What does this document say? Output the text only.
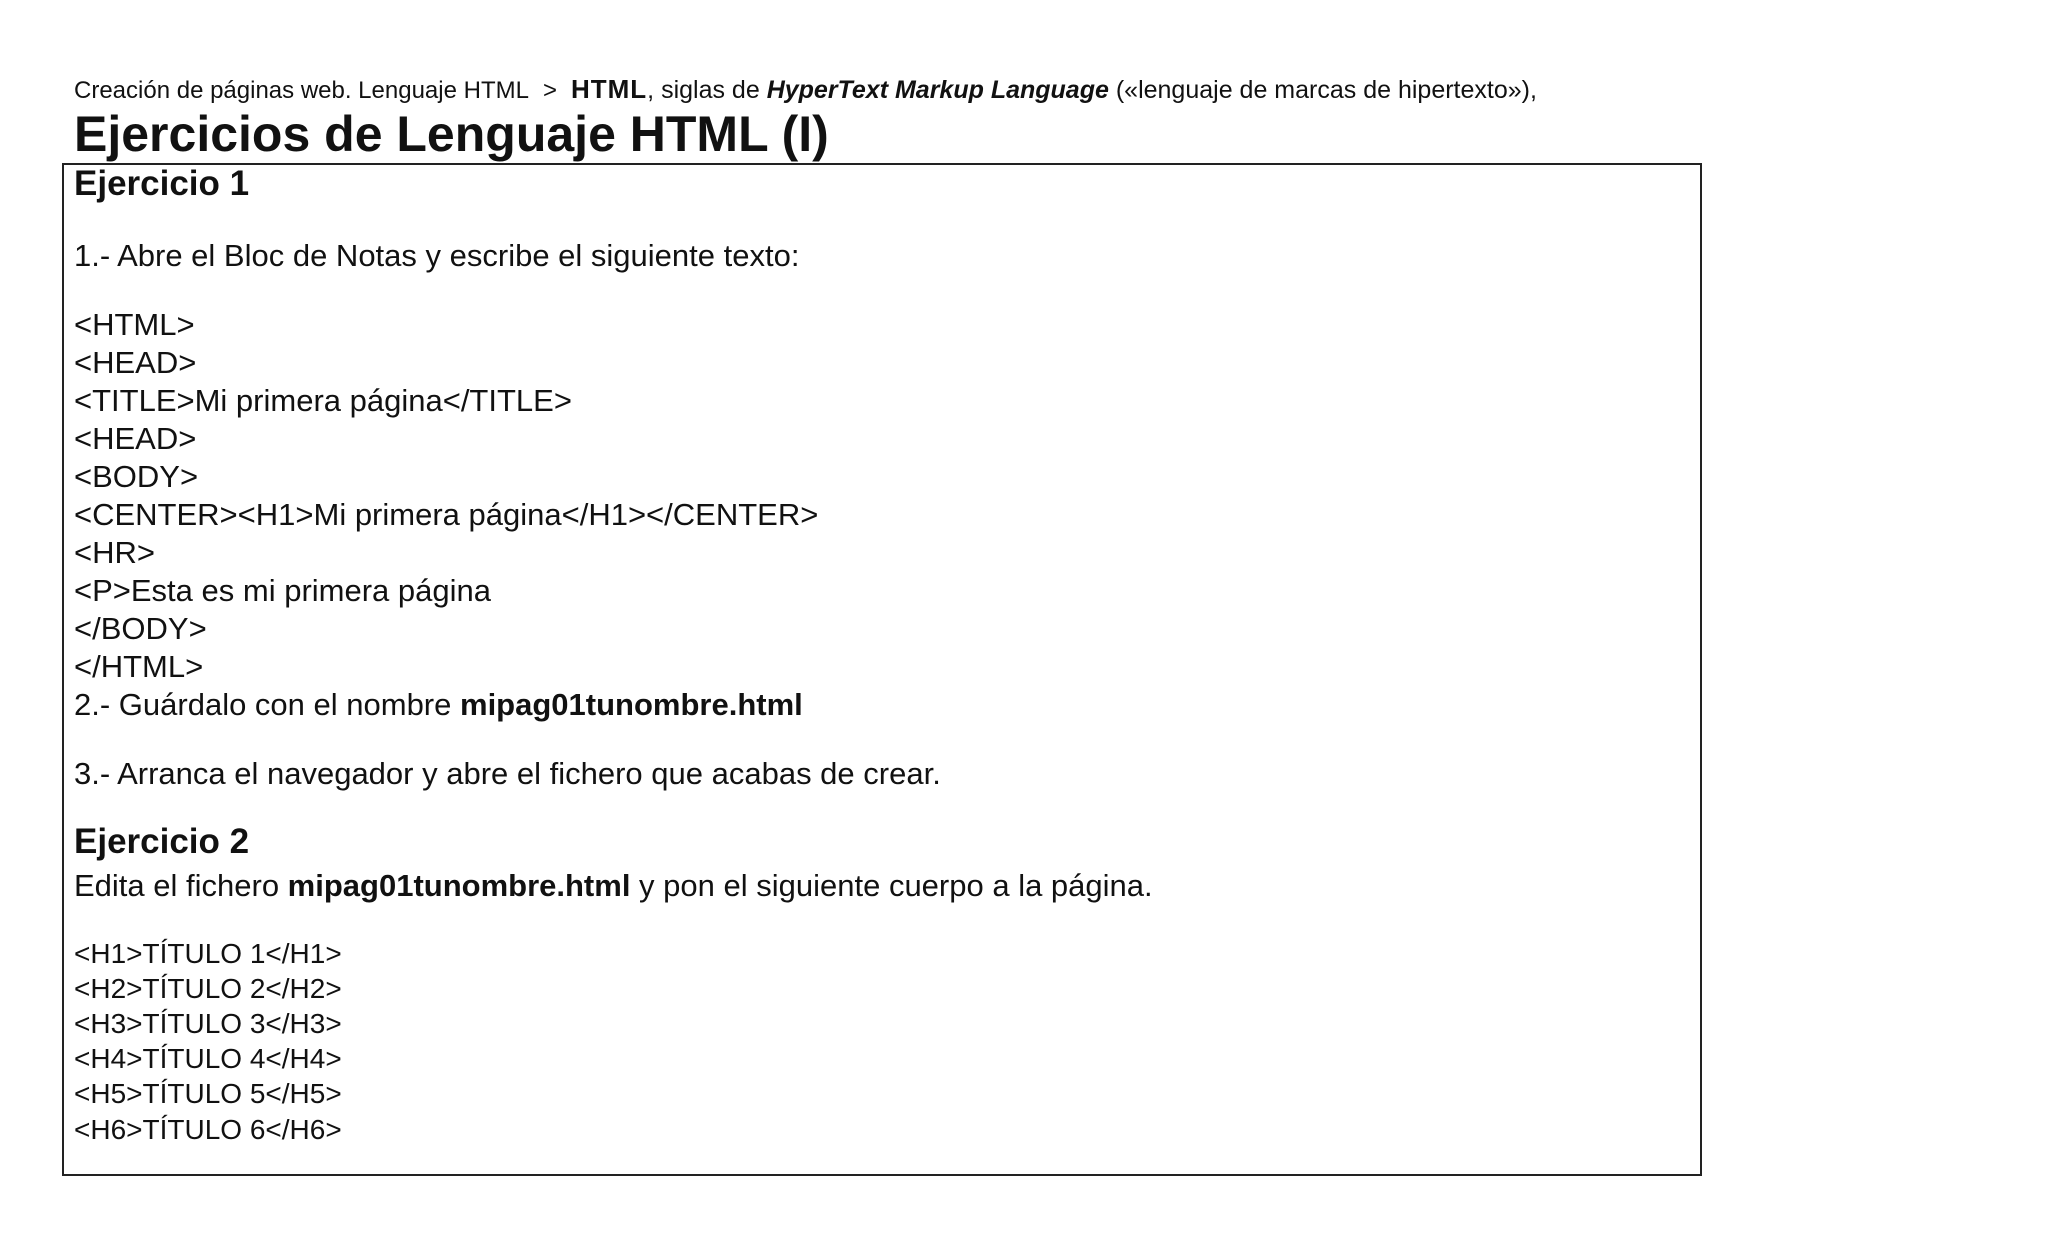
Creación de páginas web. Lenguaje HTML > HTML, siglas de HyperText Markup Language («lenguaje de marcas de hipertexto»),
Ejercicios de Lenguaje HTML (I)
Ejercicio 1
1.- Abre el Bloc de Notas y escribe el siguiente texto:
<HTML>
<HEAD>
<TITLE>Mi primera página</TITLE>
<HEAD>
<BODY>
<CENTER><H1>Mi primera página</H1></CENTER>
<HR>
<P>Esta es mi primera página
</BODY>
</HTML>
2.- Guárdalo con el nombre mipag01tunombre.html
3.- Arranca el navegador y abre el fichero que acabas de crear.
Ejercicio 2
Edita el fichero mipag01tunombre.html y pon el siguiente cuerpo a la página.
<H1>TÍTULO 1</H1>
<H2>TÍTULO 2</H2>
<H3>TÍTULO 3</H3>
<H4>TÍTULO 4</H4>
<H5>TÍTULO 5</H5>
<H6>TÍTULO 6</H6>
